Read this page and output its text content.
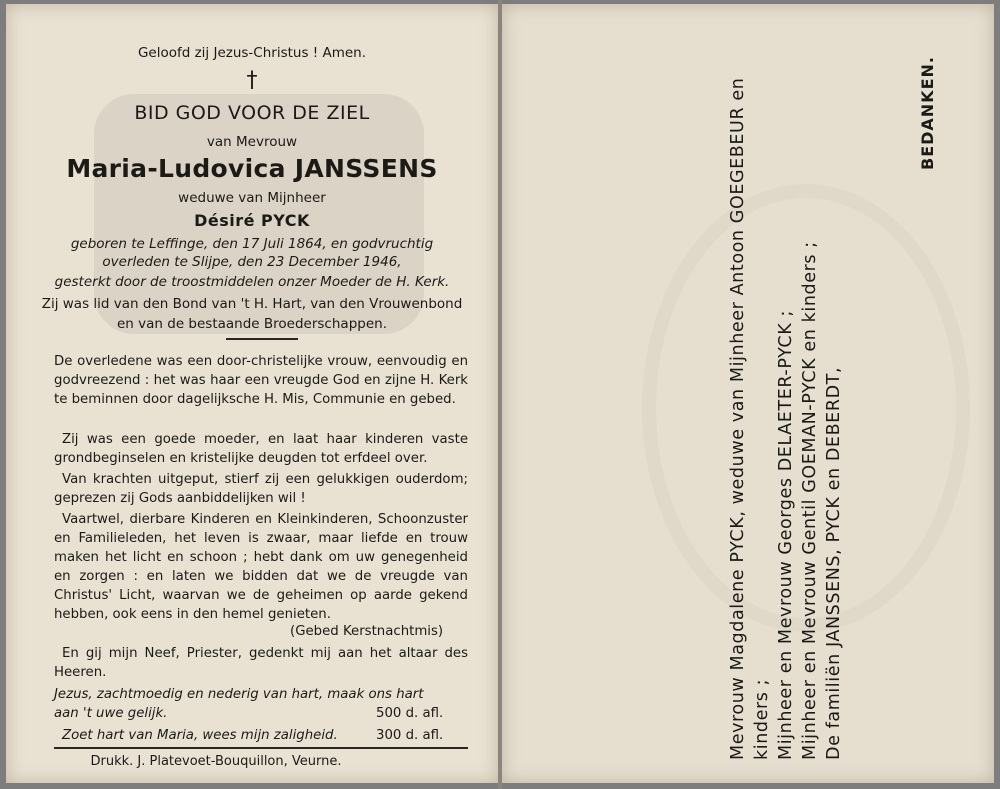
Geloofd zij Jezus-Christus ! Amen.
†
BID GOD VOOR DE ZIEL
van Mevrouw
Maria-Ludovica JANSSENS
weduwe van Mijnheer
Désiré PYCK
geboren te Leffinge, den 17 Juli 1864, en godvruchtig
overleden te Slijpe, den 23 December 1946,
gesterkt door de troostmiddelen onzer Moeder de H. Kerk.
Zij was lid van den Bond van 't H. Hart, van den Vrouwenbond
en van de bestaande Broederschappen.
De overledene was een door-christelijke vrouw, eenvoudig en godvreezend : het was haar een vreugde God en zijne H. Kerk te beminnen door dagelijksche H. Mis, Communie en gebed.
Zij was een goede moeder, en laat haar kinderen vaste grondbeginselen en kristelijke deugden tot erfdeel over.
Van krachten uitgeput, stierf zij een gelukkigen ouderdom; geprezen zij Gods aanbiddelijken wil !
Vaartwel, dierbare Kinderen en Kleinkinderen, Schoonzuster en Familieleden, het leven is zwaar, maar liefde en trouw maken het licht en schoon ; hebt dank om uw genegenheid en zorgen : en laten we bidden dat we de vreugde van Christus' Licht, waarvan we de geheimen op aarde gekend hebben, ook eens in den hemel genieten.
(Gebed Kerstnachtmis)
En gij mijn Neef, Priester, gedenkt mij aan het altaar des Heeren.
Jezus, zachtmoedig en nederig van hart, maak ons hart
aan 't uwe gelijk.	500 d. afl.
Zoet hart van Maria, wees mijn zaligheid.	300 d. afl.
Drukk. J. Platevoet-Bouquillon, Veurne.
Mevrouw Magdalene PYCK, weduwe van Mijnheer Antoon GOEGEBEUR en kinders ; Mijnheer en Mevrouw Georges DELAETER-PYCK ; Mijnheer en Mevrouw Gentil GOEMAN-PYCK en kinders ; De familiën JANSSENS, PYCK en DEBERDT,
BEDANKEN.
